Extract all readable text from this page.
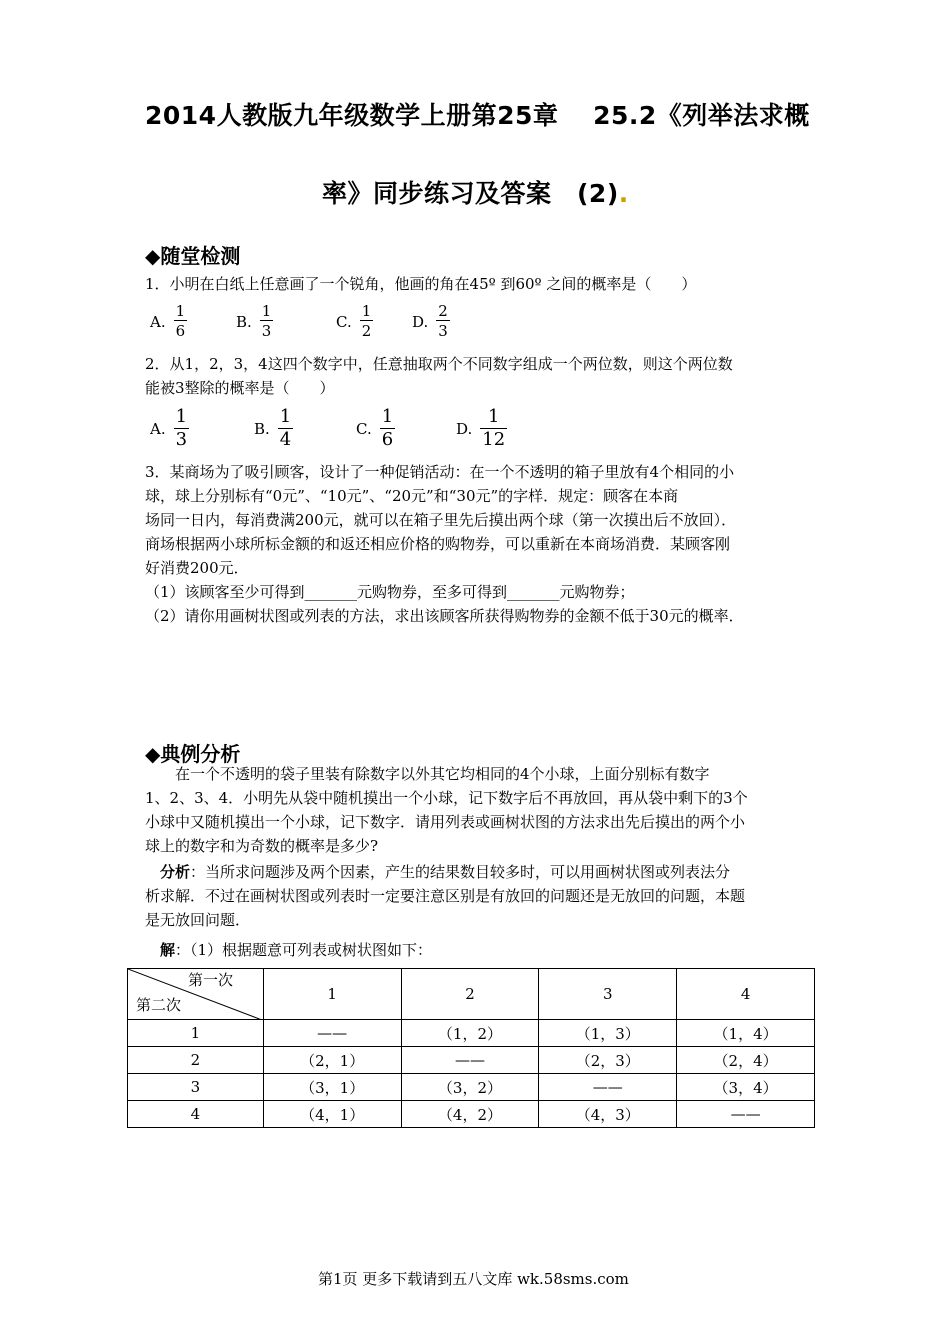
2014人教版九年级数学上册第25章　 25.2《列举法求概
率》同步练习及答案　(2).
◆随堂检测
1．小明在白纸上任意画了一个锐角，他画的角在45º 到60º 之间的概率是（　　）
A. $\frac{1}{6}$	B. $\frac{1}{3}$	C. $\frac{1}{2}$	D. $\frac{2}{3}$
2．从1，2，3，4这四个数字中，任意抽取两个不同数字组成一个两位数，则这个两位数
能被3整除的概率是（　　）
A. $\frac{1}{3}$	B. $\frac{1}{4}$	C. $\frac{1}{6}$	D. $\frac{1}{12}$
3．某商场为了吸引顾客，设计了一种促销活动：在一个不透明的箱子里放有4个相同的小
球，球上分别标有“0元”、“10元”、“20元”和“30元”的字样．规定：顾客在本商
场同一日内，每消费满200元，就可以在箱子里先后摸出两个球（第一次摸出后不放回）．
商场根据两小球所标金额的和返还相应价格的购物券，可以重新在本商场消费．某顾客刚
好消费200元．
（1）该顾客至少可得到_______元购物券，至多可得到_______元购物券；
（2）请你用画树状图或列表的方法，求出该顾客所获得购物券的金额不低于30元的概率．
◆典例分析
　　在一个不透明的袋子里装有除数字以外其它均相同的4个小球，上面分别标有数字
1、2、3、4．小明先从袋中随机摸出一个小球，记下数字后不再放回，再从袋中剩下的3个
小球中又随机摸出一个小球，记下数字．请用列表或画树状图的方法求出先后摸出的两个小
球上的数字和为奇数的概率是多少?
分析：当所求问题涉及两个因素，产生的结果数目较多时，可以用画树状图或列表法分
析求解．不过在画树状图或列表时一定要注意区别是有放回的问题还是无放回的问题，本题
是无放回问题．
解：（1）根据题意可列表或树状图如下：
第一次
第二次	1	2	3	4
1	——	（1，2）	（1，3）	（1，4）
2	（2，1）	——	（2，3）	（2，4）
3	（3，1）	（3，2）	——	（3，4）
4	（4，1）	（4，2）	（4，3）	——
第1页 更多下载请到五八文库 wk.58sms.com
